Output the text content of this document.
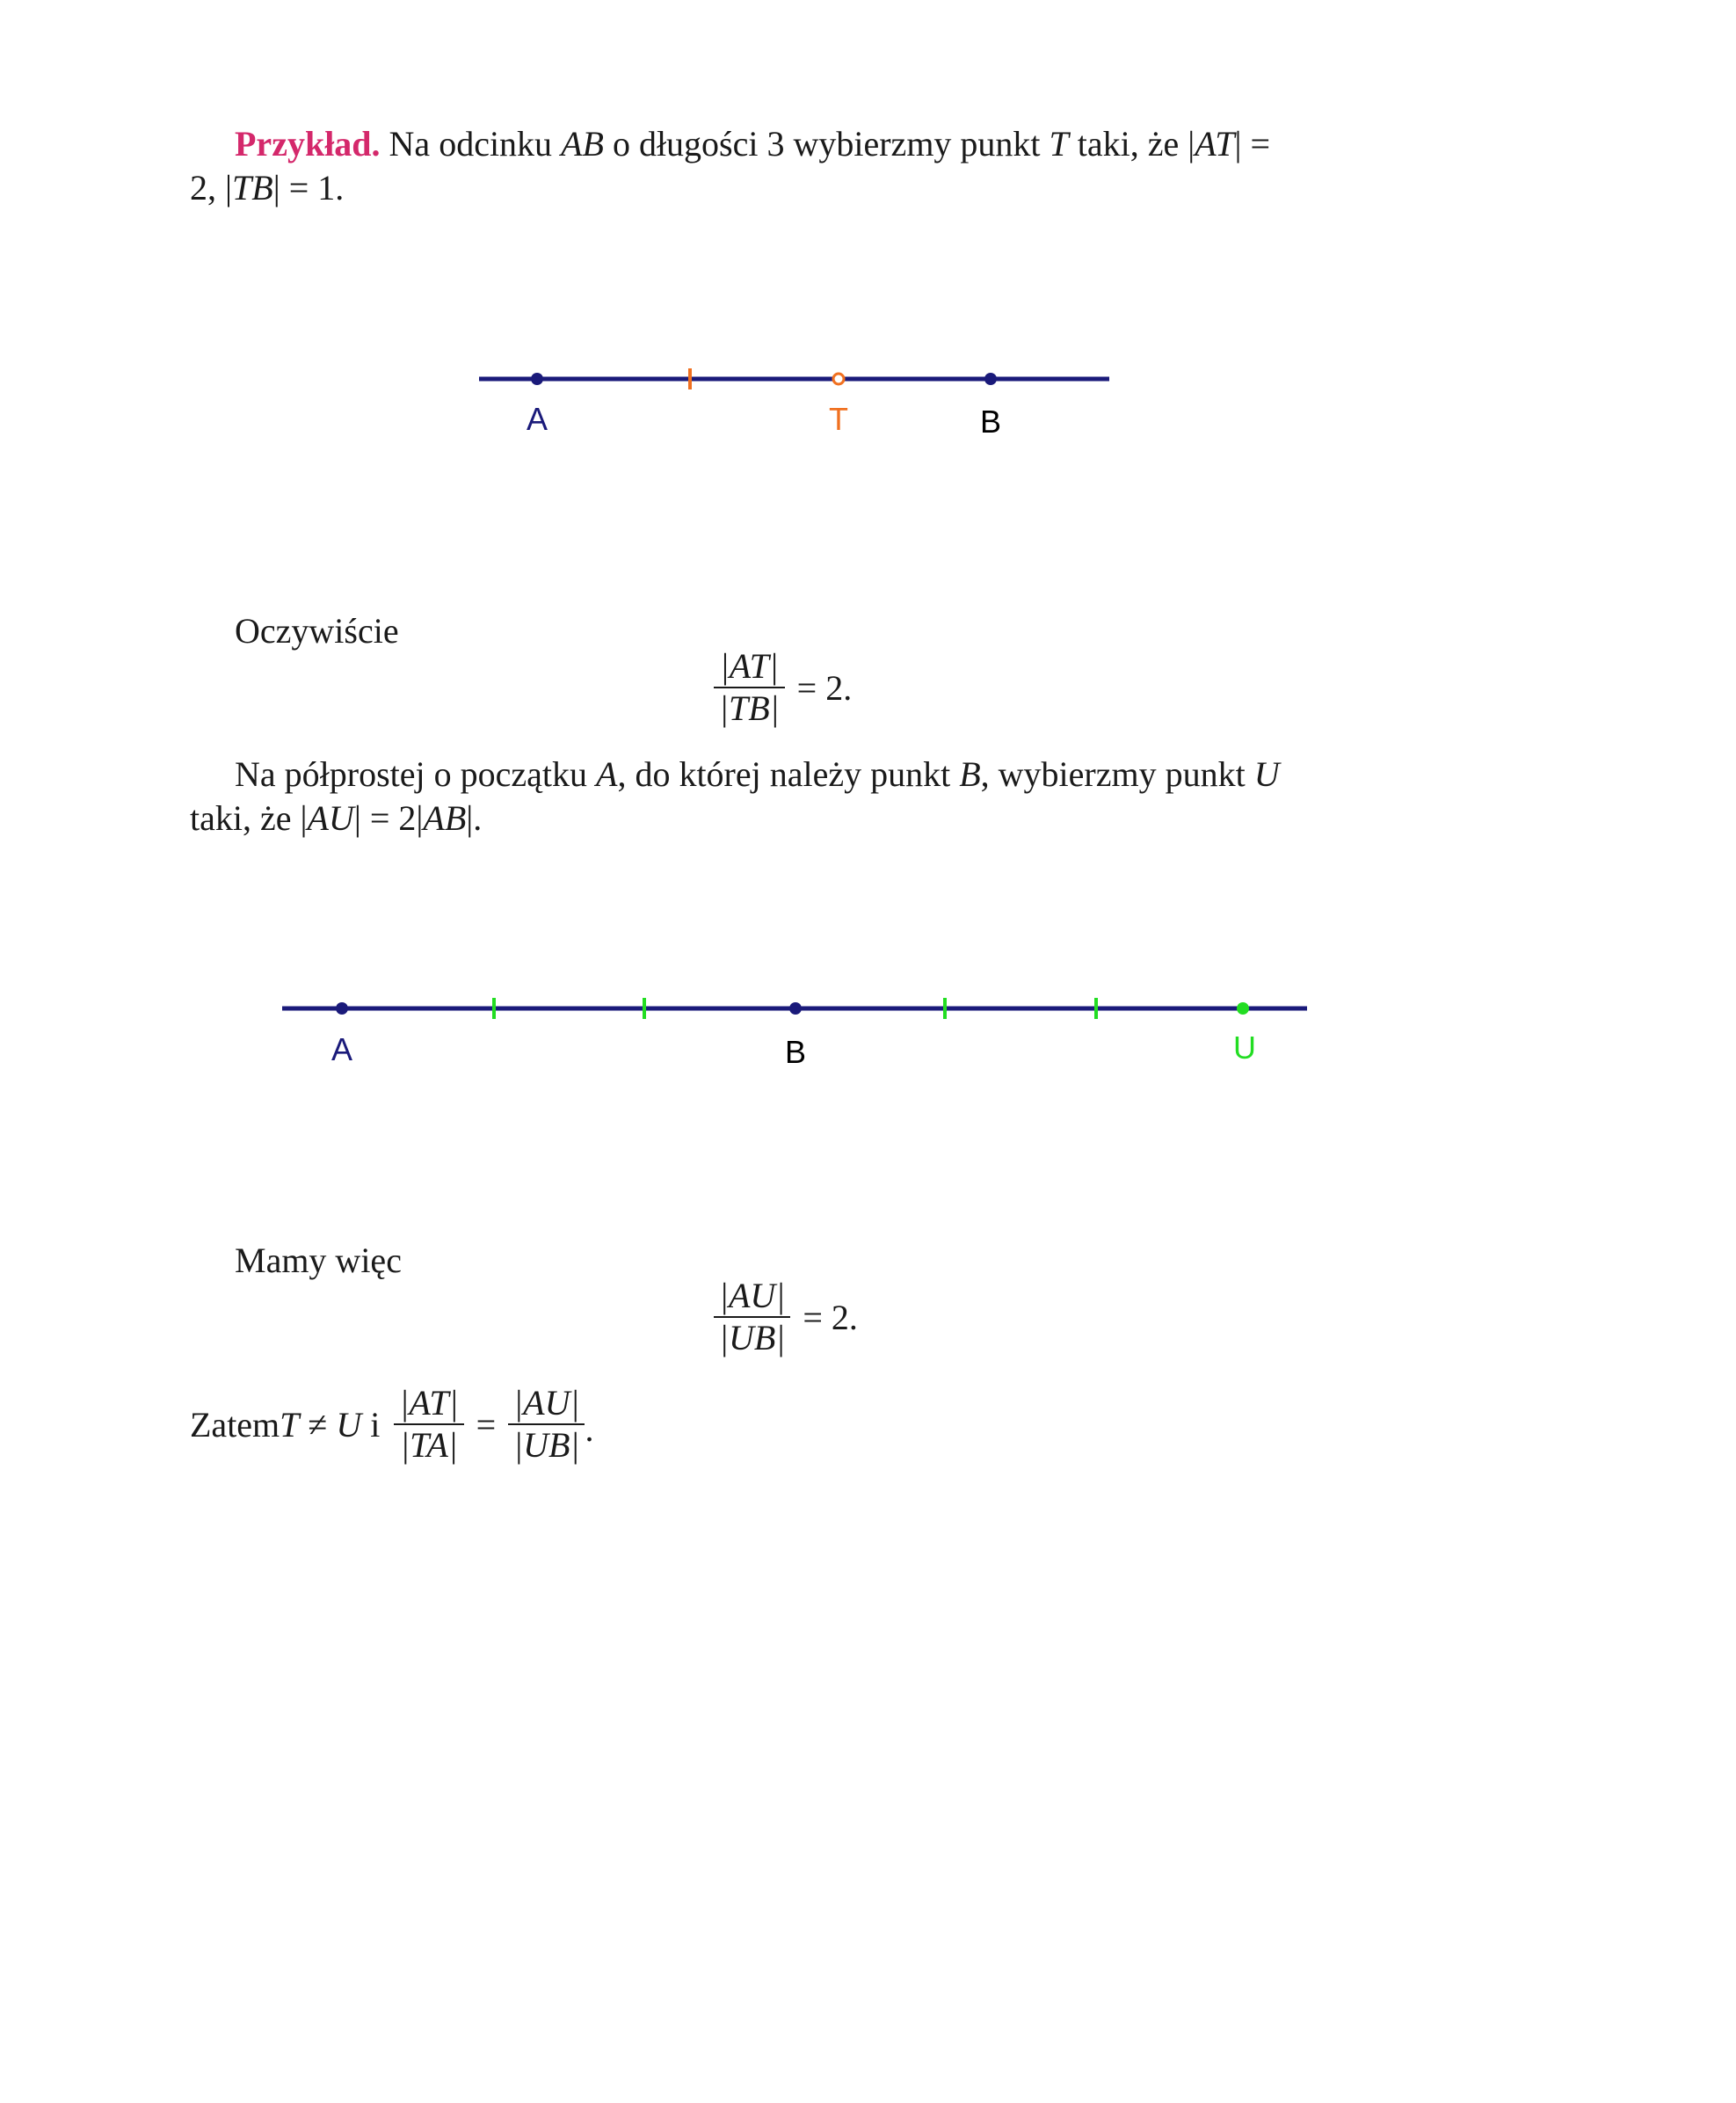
Przykład. Na odcinku AB o długości 3 wybierzmy punkt T taki, że |AT| =
2, |TB| = 1.
A	T	B
A	B	U
Oczywiście
$\frac{|AT|}{|TB|} = 2$.
Na półprostej o początku A, do której należy punkt B, wybierzmy punkt U
taki, że |AU| = 2|AB|.
Mamy więc
$\frac{|AU|}{|UB|} = 2$.
Zatem T ≠ U i $\frac{|AT|}{|TA|} = \frac{|AU|}{|UB|}$ .
